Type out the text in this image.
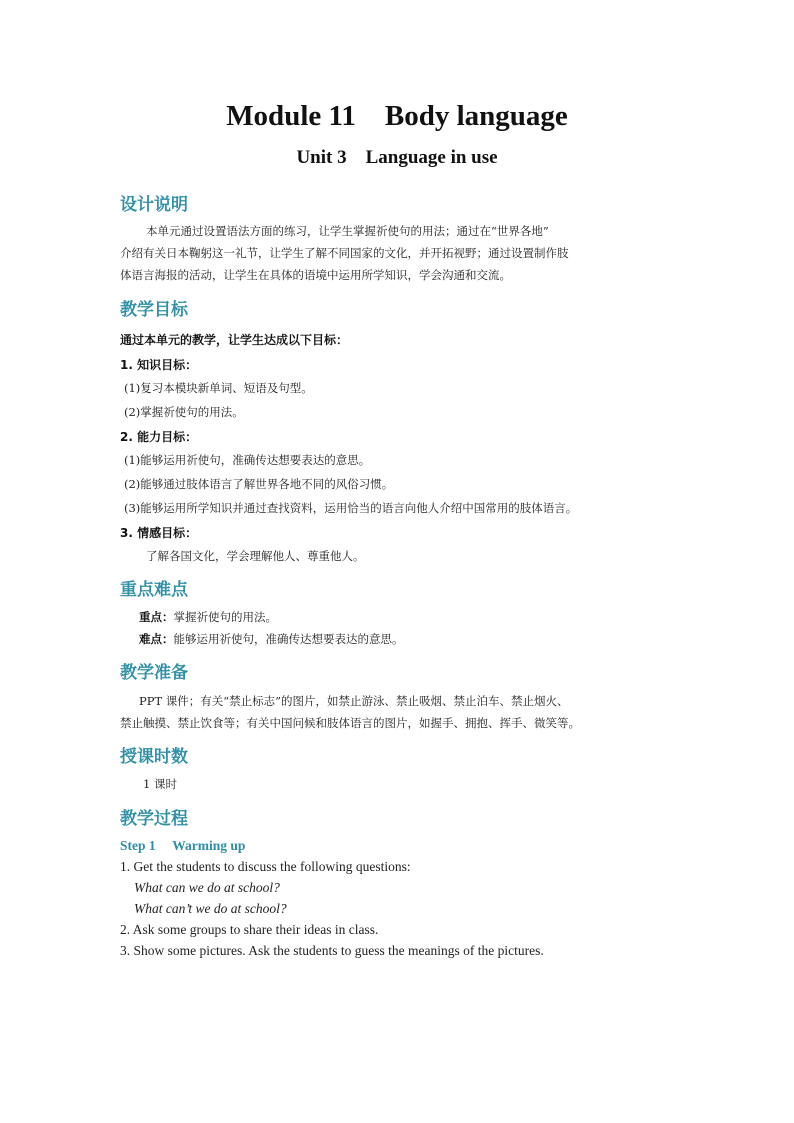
Module 11    Body language
Unit 3    Language in use
设计说明
本单元通过设置语法方面的练习，让学生掌握祈使句的用法；通过在“世界各地”
介绍有关日本鞠躬这一礼节，让学生了解不同国家的文化，并开拓视野；通过设置制作肢
体语言海报的活动，让学生在具体的语境中运用所学知识，学会沟通和交流。
教学目标
通过本单元的教学，让学生达成以下目标：
1. 知识目标：
(1)复习本模块新单词、短语及句型。
(2)掌握祈使句的用法。
2. 能力目标：
(1)能够运用祈使句，准确传达想要表达的意思。
(2)能够通过肢体语言了解世界各地不同的风俗习惯。
(3)能够运用所学知识并通过查找资料，运用恰当的语言向他人介绍中国常用的肢体语言。
3. 情感目标：
了解各国文化，学会理解他人、尊重他人。
重点难点
重点：掌握祈使句的用法。
难点：能够运用祈使句，准确传达想要表达的意思。
教学准备
PPT 课件；有关“禁止标志”的图片，如禁止游泳、禁止吸烟、禁止泊车、禁止烟火、
禁止触摸、禁止饮食等；有关中国问候和肢体语言的图片，如握手、拥抱、挥手、微笑等。
授课时数
1 课时
教学过程
Step 1     Warming up
1. Get the students to discuss the following questions:
What can we do at school?
What can’t we do at school?
2. Ask some groups to share their ideas in class.
3. Show some pictures. Ask the students to guess the meanings of the pictures.
